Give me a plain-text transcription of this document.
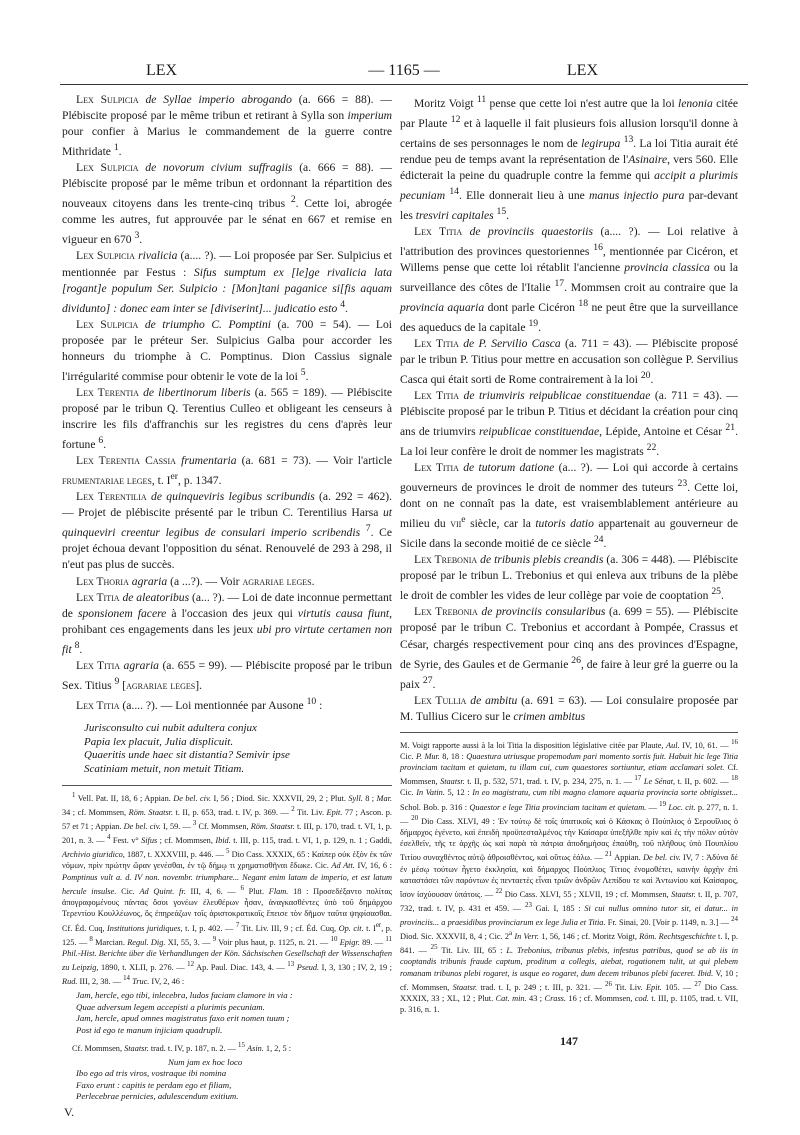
LEX	— 1165 —	LEX

Lex Sulpicia de Syllae imperio abrogando (a. 666 = 88). — Plébiscite proposé par le même tribun et retirant à Sylla son imperium pour confier à Marius le commandement de la guerre contre Mithridate $^1$.

Lex Sulpicia de novorum civium suffragiis (a. 666 = 88). — Plébiscite proposé par le même tribun et ordonnant la répartition des nouveaux citoyens dans les trente-cinq tribus $^2$. Cette loi, abrogée comme les autres, fut approuvée par le sénat en 667 et remise en vigueur en 670 $^3$.

Lex Sulpicia rivalicia (a.... ?). — Loi proposée par Ser. Sulpicius et mentionnée par Festus : Sifus sumptum ex [le]ge rivalicia lata [rogant]e populum Ser. Sulpicio : [Mon]tani paganice si[fis aquam dividunto] : donec eam inter se [diviserint]... judicatio esto $^4$.

Lex Sulpicia de triumpho C. Pomptini (a. 700 = 54). — Loi proposée par le préteur Ser. Sulpicius Galba pour accorder les honneurs du triomphe à C. Pomptinus. Dion Cassius signale l'irrégularité commise pour obtenir le vote de la loi $^5$.

Lex Terentia de libertinorum liberis (a. 565 = 189). — Plébiscite proposé par le tribun Q. Terentius Culleo et obligeant les censeurs à inscrire les fils d'affranchis sur les registres du cens d'après leur fortune $^6$.

Lex Terentia Cassia frumentaria (a. 681 = 73). — Voir l'article frumentariae leges, t. Ier, p. 1347.

Lex Terentilia de quinqueviris legibus scribundis (a. 292 = 462). — Projet de plébiscite présenté par le tribun C. Terentilius Harsa ut quinqueviri creentur legibus de consulari imperio scribendis $^7$. Ce projet échoua devant l'opposition du sénat. Renouvelé de 293 à 298, il n'eut pas plus de succès.

Lex Thoria agraria (a ...?). — Voir agrariae leges.

Lex Titia de aleatoribus (a... ?). — Loi de date inconnue permettant de sponsionem facere à l'occasion des jeux qui virtutis causa fiunt, prohibant ces engagements dans les jeux ubi pro virtute certamen non fit $^8$.

Lex Titia agraria (a. 655 = 99). — Plébiscite proposé par le tribun Sex. Titius $^9$ [agrariae leges].

Lex Titia (a.... ?). — Loi mentionnée par Ausone $^{10}$ :

Jurisconsulto cui nubit adultera conjux
Papia lex placuit, Julia displicuit.
Quaeritis unde haec sit distantia? Semivir ipse
Scatiniam metuit, non metuit Titiam.

$^1$ Vell. Pat. II, 18, 6 ; Appian. De bel. civ. I, 56 ; Diod. Sic. XXXVII, 29, 2 ; Plut. Syll. 8 ; Mar. 34 ; cf. Mommsen, Röm. Staatsr. t. II, p. 653, trad. t. IV, p. 369. — $^2$ Tit. Liv. Epit. 77 ; Ascon. p. 57 et 71 ; Appian. De bel. civ. I, 59. — $^3$ Cf. Mommsen, Röm. Staatsr. t. III, p. 170, trad. t. VI, 1, p. 201, n. 3. — $^4$ Fest. v° Sifus ; cf. Mommsen, Ibid. t. III, p. 115, trad. t. VI, 1, p. 129, n. 1 ; Gaddi, Archivio giuridico, 1887, t. XXXVIII, p. 446. — $^5$ Dio Cass. XXXIX, 65 : Καίπερ οὐκ ἐξὸν ἐκ τῶν νόμων, πρὶν πρώτην ὥραν γενέσθαι, ἐν τῷ δήμῳ τι χρηματισθῆναι ἔδωκε. Cic. Ad Att. IV, 16, 6 : Pomptinus vult a. d. IV non. novembr. triumphare... Negant enim latam de imperio, et est latum hercule insulse. Cic. Ad Quint. fr. III, 4, 6. — $^6$ Plut. Flam. 18 : Προσεδέξαντο πολίτας ἀπογραφομένους πάντας ὅσοι γονέων ἐλευθέρων ἦσαν, ἀναγκασθέντες ὑπὸ τοῦ δημάρχου Τερεντίου Κουλλέωνος, ὃς ἐπηρεάζων τοῖς ἀριστοκρατικοῖς ἔπεισε τὸν δῆμον ταῦτα ψηφίσασθαι. Cf. Éd. Cuq, Institutions juridiques, t. I, p. 402. — $^7$ Tit. Liv. III, 9 ; cf. Éd. Cuq, Op. cit. t. Ier, p. 125. — $^8$ Marcian. Regul. Dig. XI, 55, 3. — $^9$ Voir plus haut, p. 1125, n. 21. — $^{10}$ Epigr. 89. — $^{11}$ Phil.-Hist. Berichte über die Verhandlungen der Kön. Sächsischen Gesellschaft der Wissenschaften zu Leipzig, 1890, t. XLII, p. 276. — $^{12}$ Ap. Paul. Diac. 143, 4. — $^{13}$ Pseud. I, 3, 130 ; IV, 2, 19 ; Rud. III, 2, 38. — $^{14}$ Truc. IV, 2, 46 :

Jam, hercle, ego tibi, inlecebra, ludos faciam clamore in via :
Quae adversum legem accepisti a plurimis pecuniam.
Jam, hercle, apud omnes magistratus faxo erit nomen tuum ;
Post id ego te manum injiciam quadrupli.

Cf. Mommsen, Staatsr. trad. t. IV, p. 187, n. 2. — $^{15}$ Asin. 1, 2, 5 :

Num jam ex hoc loco
Ibo ego ad tris viros, vostraque ibi nomina
Faxo erunt : capitis te perdam ego et filiam,
Perlecebrae pernicies, adulescendum exitium.
V.

Moritz Voigt $^{11}$ pense que cette loi n'est autre que la loi lenonia citée par Plaute $^{12}$ et à laquelle il fait plusieurs fois allusion lorsqu'il donne à certains de ses personnages le nom de legirupa $^{13}$. La loi Titia aurait été rendue peu de temps avant la représentation de l'Asinaire, vers 560. Elle édicterait la peine du quadruple contre la femme qui accipit a plurimis pecuniam $^{14}$. Elle donnerait lieu à une manus injectio pura par-devant les tresviri capitales $^{15}$.

Lex Titia de provinciis quaestoriis (a.... ?). — Loi relative à l'attribution des provinces questoriennes $^{16}$, mentionnée par Cicéron, et Willems pense que cette loi rétablit l'ancienne provincia classica ou la surveillance des côtes de l'Italie $^{17}$. Mommsen croit au contraire que la provincia aquaria dont parle Cicéron $^{18}$ ne peut être que la surveillance des aqueducs de la capitale $^{19}$.

Lex Titia de P. Servilio Casca (a. 711 = 43). — Plébiscite proposé par le tribun P. Titius pour mettre en accusation son collègue P. Servilius Casca qui était sorti de Rome contrairement à la loi $^{20}$.

Lex Titia de triumviris reipublicae constituendae (a. 711 = 43). — Plébiscite proposé par le tribun P. Titius et décidant la création pour cinq ans de triumvirs reipublicae constituendae, Lépide, Antoine et César $^{21}$. La loi leur confère le droit de nommer les magistrats $^{22}$.

Lex Titia de tutorum datione (a... ?). — Loi qui accorde à certains gouverneurs de provinces le droit de nommer des tuteurs $^{23}$. Cette loi, dont on ne connaît pas la date, est vraisemblablement antérieure au milieu du vii$^e$ siècle, car la tutoris datio appartenait au gouverneur de Sicile dans la seconde moitié de ce siècle $^{24}$.

Lex Trebonia de tribunis plebis creandis (a. 306 = 448). — Plébiscite proposé par le tribun L. Trebonius et qui enleva aux tribuns de la plèbe le droit de combler les vides de leur collège par voie de cooptation $^{25}$.

Lex Trebonia de provinciis consularibus (a. 699 = 55). — Plébiscite proposé par le tribun C. Trebonius et accordant à Pompée, Crassus et César, chargés respectivement pour cinq ans des provinces d'Espagne, de Syrie, des Gaules et de Germanie $^{26}$, de faire à leur gré la guerre ou la paix $^{27}$.

Lex Tullia de ambitu (a. 691 = 63). — Loi consulaire proposée par M. Tullius Cicero sur le crimen ambitus

M. Voigt rapporte aussi à la loi Titia la disposition législative citée par Plaute, Aul. IV, 10, 61. — $^{16}$ Cic. P. Mur. 8, 18 : Quaestura utriusque propemodum pari momento sortis fuit. Habuit hic lege Titia provinciam tacitam et quietam, tu illam cui, cum quaestores sortiuntur, etiam acclamari solet. Cf. Mommsen, Staatsr. t. II, p. 532, 571, trad. t. IV, p. 234, 275, n. 1. — $^{17}$ Le Sénat, t. II, p. 602. — $^{18}$ Cic. In Vatin. 5, 12 : In eo magistratu, cum tibi magno clamore aquaria provincia sorte obtigisset... Schol. Bob. p. 316 : Quaestor e lege Titia provinciam tacitam et quietam. — $^{19}$ Loc. cit. p. 277, n. 1. — $^{20}$ Dio Cass. XLVI, 49 : Ἐν τούτῳ δὲ τοῖς ὑπατικοῖς καὶ ὁ Κάσκας ὁ Πούπλιος ὁ Σερουΐλιος ὁ δήμαρχος ἐγένετο, καὶ ἐπειδὴ προϋπεσταλμένος τὴν Καίσαρα ὑπεξῆλθε πρὶν καὶ ἐς τὴν πόλιν αὐτὸν ἐσελθεῖν, τῆς τε ἀρχῆς ὡς καὶ παρὰ τὰ πάτρια ἀποδημήσας ἐπαύθη, τοῦ πλήθους ὑπὸ Πουπλίου Τιτίου συναχθέντος αὐτῷ ἀθροισθέντος, καὶ οὕτως ἐάλω. — $^{21}$ Appian. De bel. civ. IV, 7 : Ἀδύνα δὲ ἐν μέσῳ τούτων ἦγετο ἐκκλησία, καὶ δήμαρχος Πούπλιος Τίτιος ἐνομοθέτει, καινὴν ἀρχὴν ἐπὶ καταστάσει τῶν παρόντων ἐς πενταετὲς εἶναι τριῶν ἀνδρῶν Λεπίδου τε καὶ Ἀντωνίου καὶ Καίσαρος, ἴσον ἰσχύουσαν ὑπάτοις. — $^{22}$ Dio Cass. XLVI, 55 ; XLVII, 19 ; cf. Mommsen, Staatsr. t. II, p. 707, 732, trad. t. IV, p. 431 et 459. — $^{23}$ Gai. I, 185 : Si cui nullus omnino tutor sit, ei datur... in provinciis... a praesidibus provinciarum ex lege Julia et Titia. Fr. Sinai, 20. [Voir p. 1149, n. 3.] — $^{24}$ Diod. Sic. XXXVII, 8, 4 ; Cic. 2$^a$ In Verr. 1, 56, 146 ; cf. Moritz Voigt, Röm. Rechtsgeschichte t. I, p. 841. — $^{25}$ Tit. Liv. III, 65 : L. Trebonius, tribunus plebis, infestus patribus, quod se ab iis in cooptandis tribunis fraude captum, proditum a collegis, aiebat, rogationem tulit, ut qui plebem romanam tribunos plebi rogaret, is usque eo rogaret, dum decem tribunos plebi faceret. Ibid. V, 10 ; cf. Mommsen, Staatsr. trad. t. I, p. 249 ; t. III, p. 321. — $^{26}$ Tit. Liv. Epit. 105. — $^{27}$ Dio Cass. XXXIX, 33 ; XL, 12 ; Plut. Cat. min. 43 ; Crass. 16 ; cf. Mommsen, cod. t. III, p. 1105, trad. t. VII, p. 316, n. 1.

147
